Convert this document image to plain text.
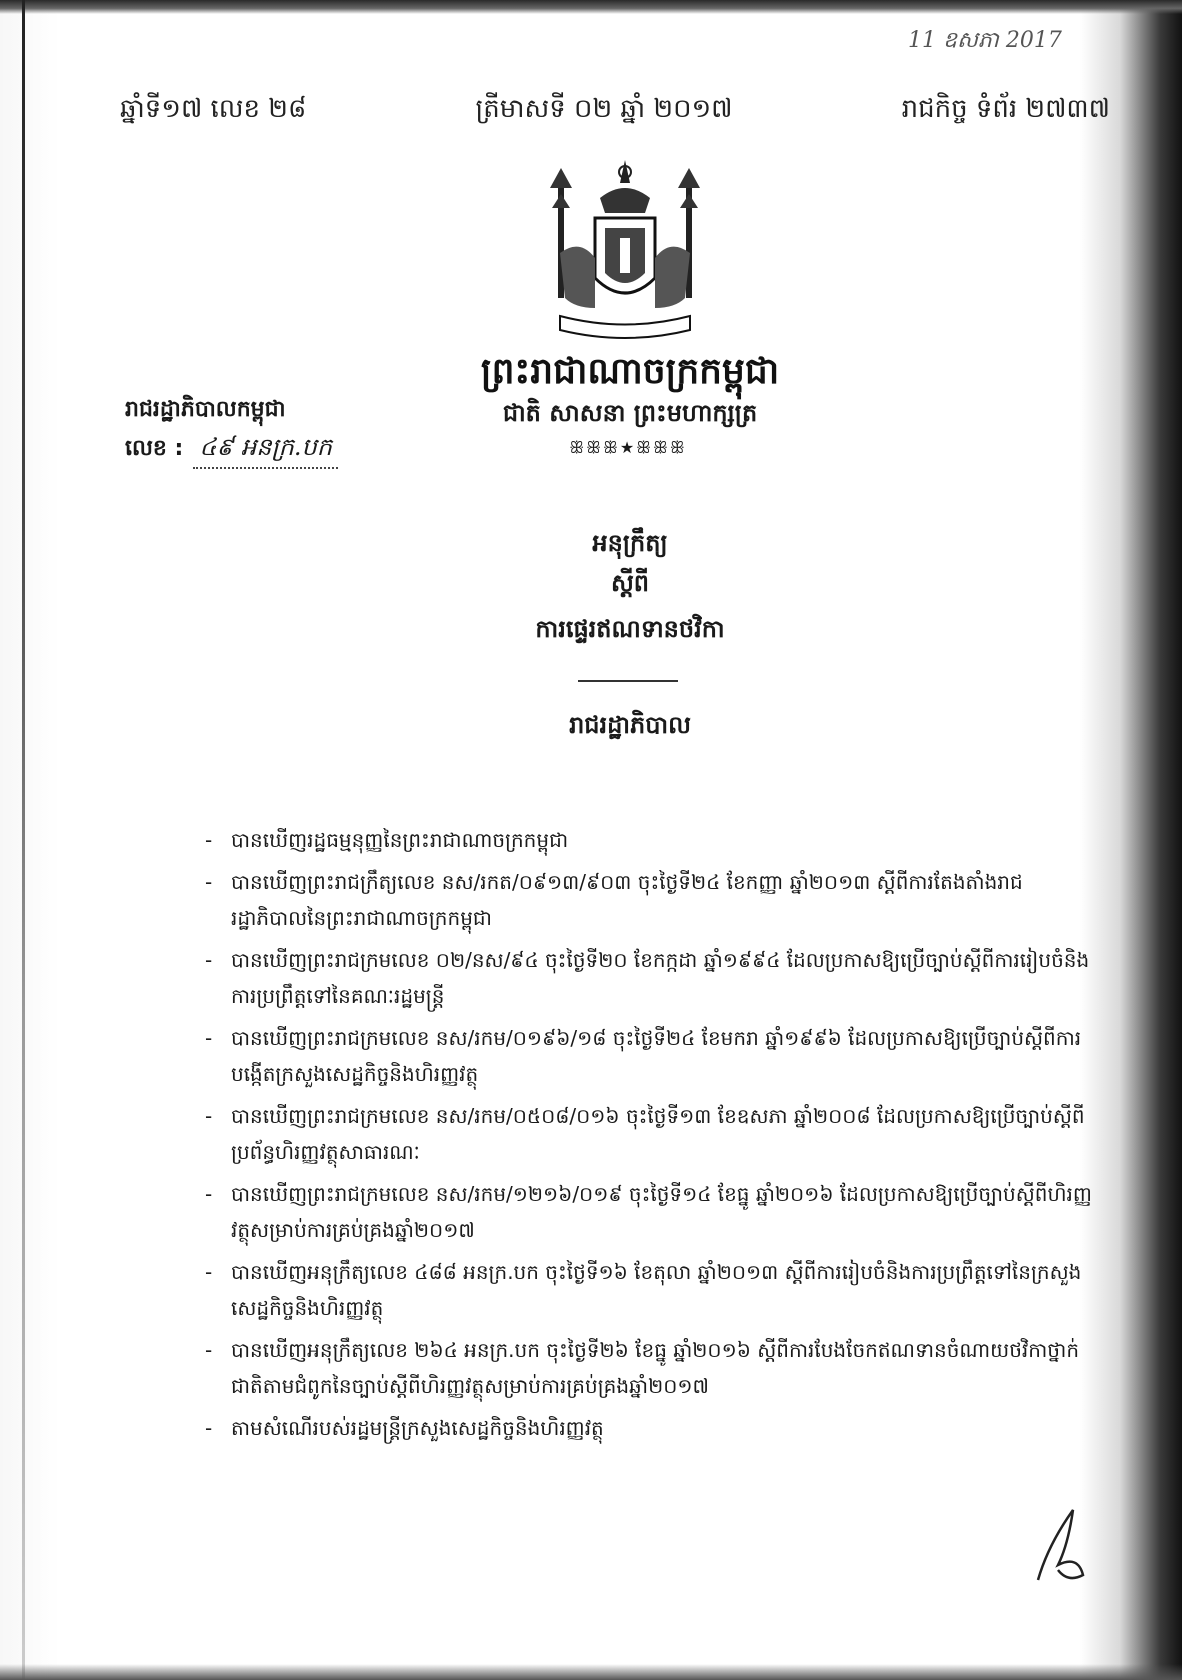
11 ឧសភា 2017
ឆ្នាំទី១៧ លេខ ២៨	ត្រីមាសទី ០២ ឆ្នាំ ២០១៧	រាជកិច្ច ទំព័រ ២៧៣៧
ព្រះរាជាណាចក្រកម្ពុជា
ជាតិ សាសនា ព្រះមហាក្សត្រ
ꕥꕥꕥ★ꕥꕥꕥ
រាជរដ្ឋាភិបាលកម្ពុជា
លេខ : ៤៩ អនក្រ.បក
អនុក្រឹត្យ
ស្តីពី
ការផ្ទេរឥណទានថវិកា
រាជរដ្ឋាភិបាល
- បានឃើញរដ្ឋធម្មនុញ្ញនៃព្រះរាជាណាចក្រកម្ពុជា
- បានឃើញព្រះរាជក្រឹត្យលេខ នស/រកត/០៩១៣/៩០៣ ចុះថ្ងៃទី២៤ ខែកញ្ញា ឆ្នាំ២០១៣ ស្តីពីការតែងតាំងរាជរដ្ឋាភិបាលនៃព្រះរាជាណាចក្រកម្ពុជា
- បានឃើញព្រះរាជក្រមលេខ ០២/នស/៩៤ ចុះថ្ងៃទី២០ ខែកក្កដា ឆ្នាំ១៩៩៤ ដែលប្រកាសឱ្យប្រើច្បាប់ស្តីពីការរៀបចំនិងការប្រព្រឹត្តទៅនៃគណៈរដ្ឋមន្ត្រី
- បានឃើញព្រះរាជក្រមលេខ នស/រកម/០១៩៦/១៨ ចុះថ្ងៃទី២៤ ខែមករា ឆ្នាំ១៩៩៦ ដែលប្រកាសឱ្យប្រើច្បាប់ស្តីពីការបង្កើតក្រសួងសេដ្ឋកិច្ចនិងហិរញ្ញវត្ថុ
- បានឃើញព្រះរាជក្រមលេខ នស/រកម/០៥០៨/០១៦ ចុះថ្ងៃទី១៣ ខែឧសភា ឆ្នាំ២០០៨ ដែលប្រកាសឱ្យប្រើច្បាប់ស្តីពីប្រព័ន្ធហិរញ្ញវត្ថុសាធារណៈ
- បានឃើញព្រះរាជក្រមលេខ នស/រកម/១២១៦/០១៩ ចុះថ្ងៃទី១៤ ខែធ្នូ ឆ្នាំ២០១៦ ដែលប្រកាសឱ្យប្រើច្បាប់ស្តីពីហិរញ្ញវត្ថុសម្រាប់ការគ្រប់គ្រងឆ្នាំ២០១៧
- បានឃើញអនុក្រឹត្យលេខ ៤៨៨ អនក្រ.បក ចុះថ្ងៃទី១៦ ខែតុលា ឆ្នាំ២០១៣ ស្តីពីការរៀបចំនិងការប្រព្រឹត្តទៅនៃក្រសួងសេដ្ឋកិច្ចនិងហិរញ្ញវត្ថុ
- បានឃើញអនុក្រឹត្យលេខ ២៦៤ អនក្រ.បក ចុះថ្ងៃទី២៦ ខែធ្នូ ឆ្នាំ២០១៦ ស្តីពីការបែងចែកឥណទានចំណាយថវិកាថ្នាក់ជាតិតាមជំពូកនៃច្បាប់ស្តីពីហិរញ្ញវត្ថុសម្រាប់ការគ្រប់គ្រងឆ្នាំ២០១៧
- តាមសំណើរបស់រដ្ឋមន្ត្រីក្រសួងសេដ្ឋកិច្ចនិងហិរញ្ញវត្ថុ
